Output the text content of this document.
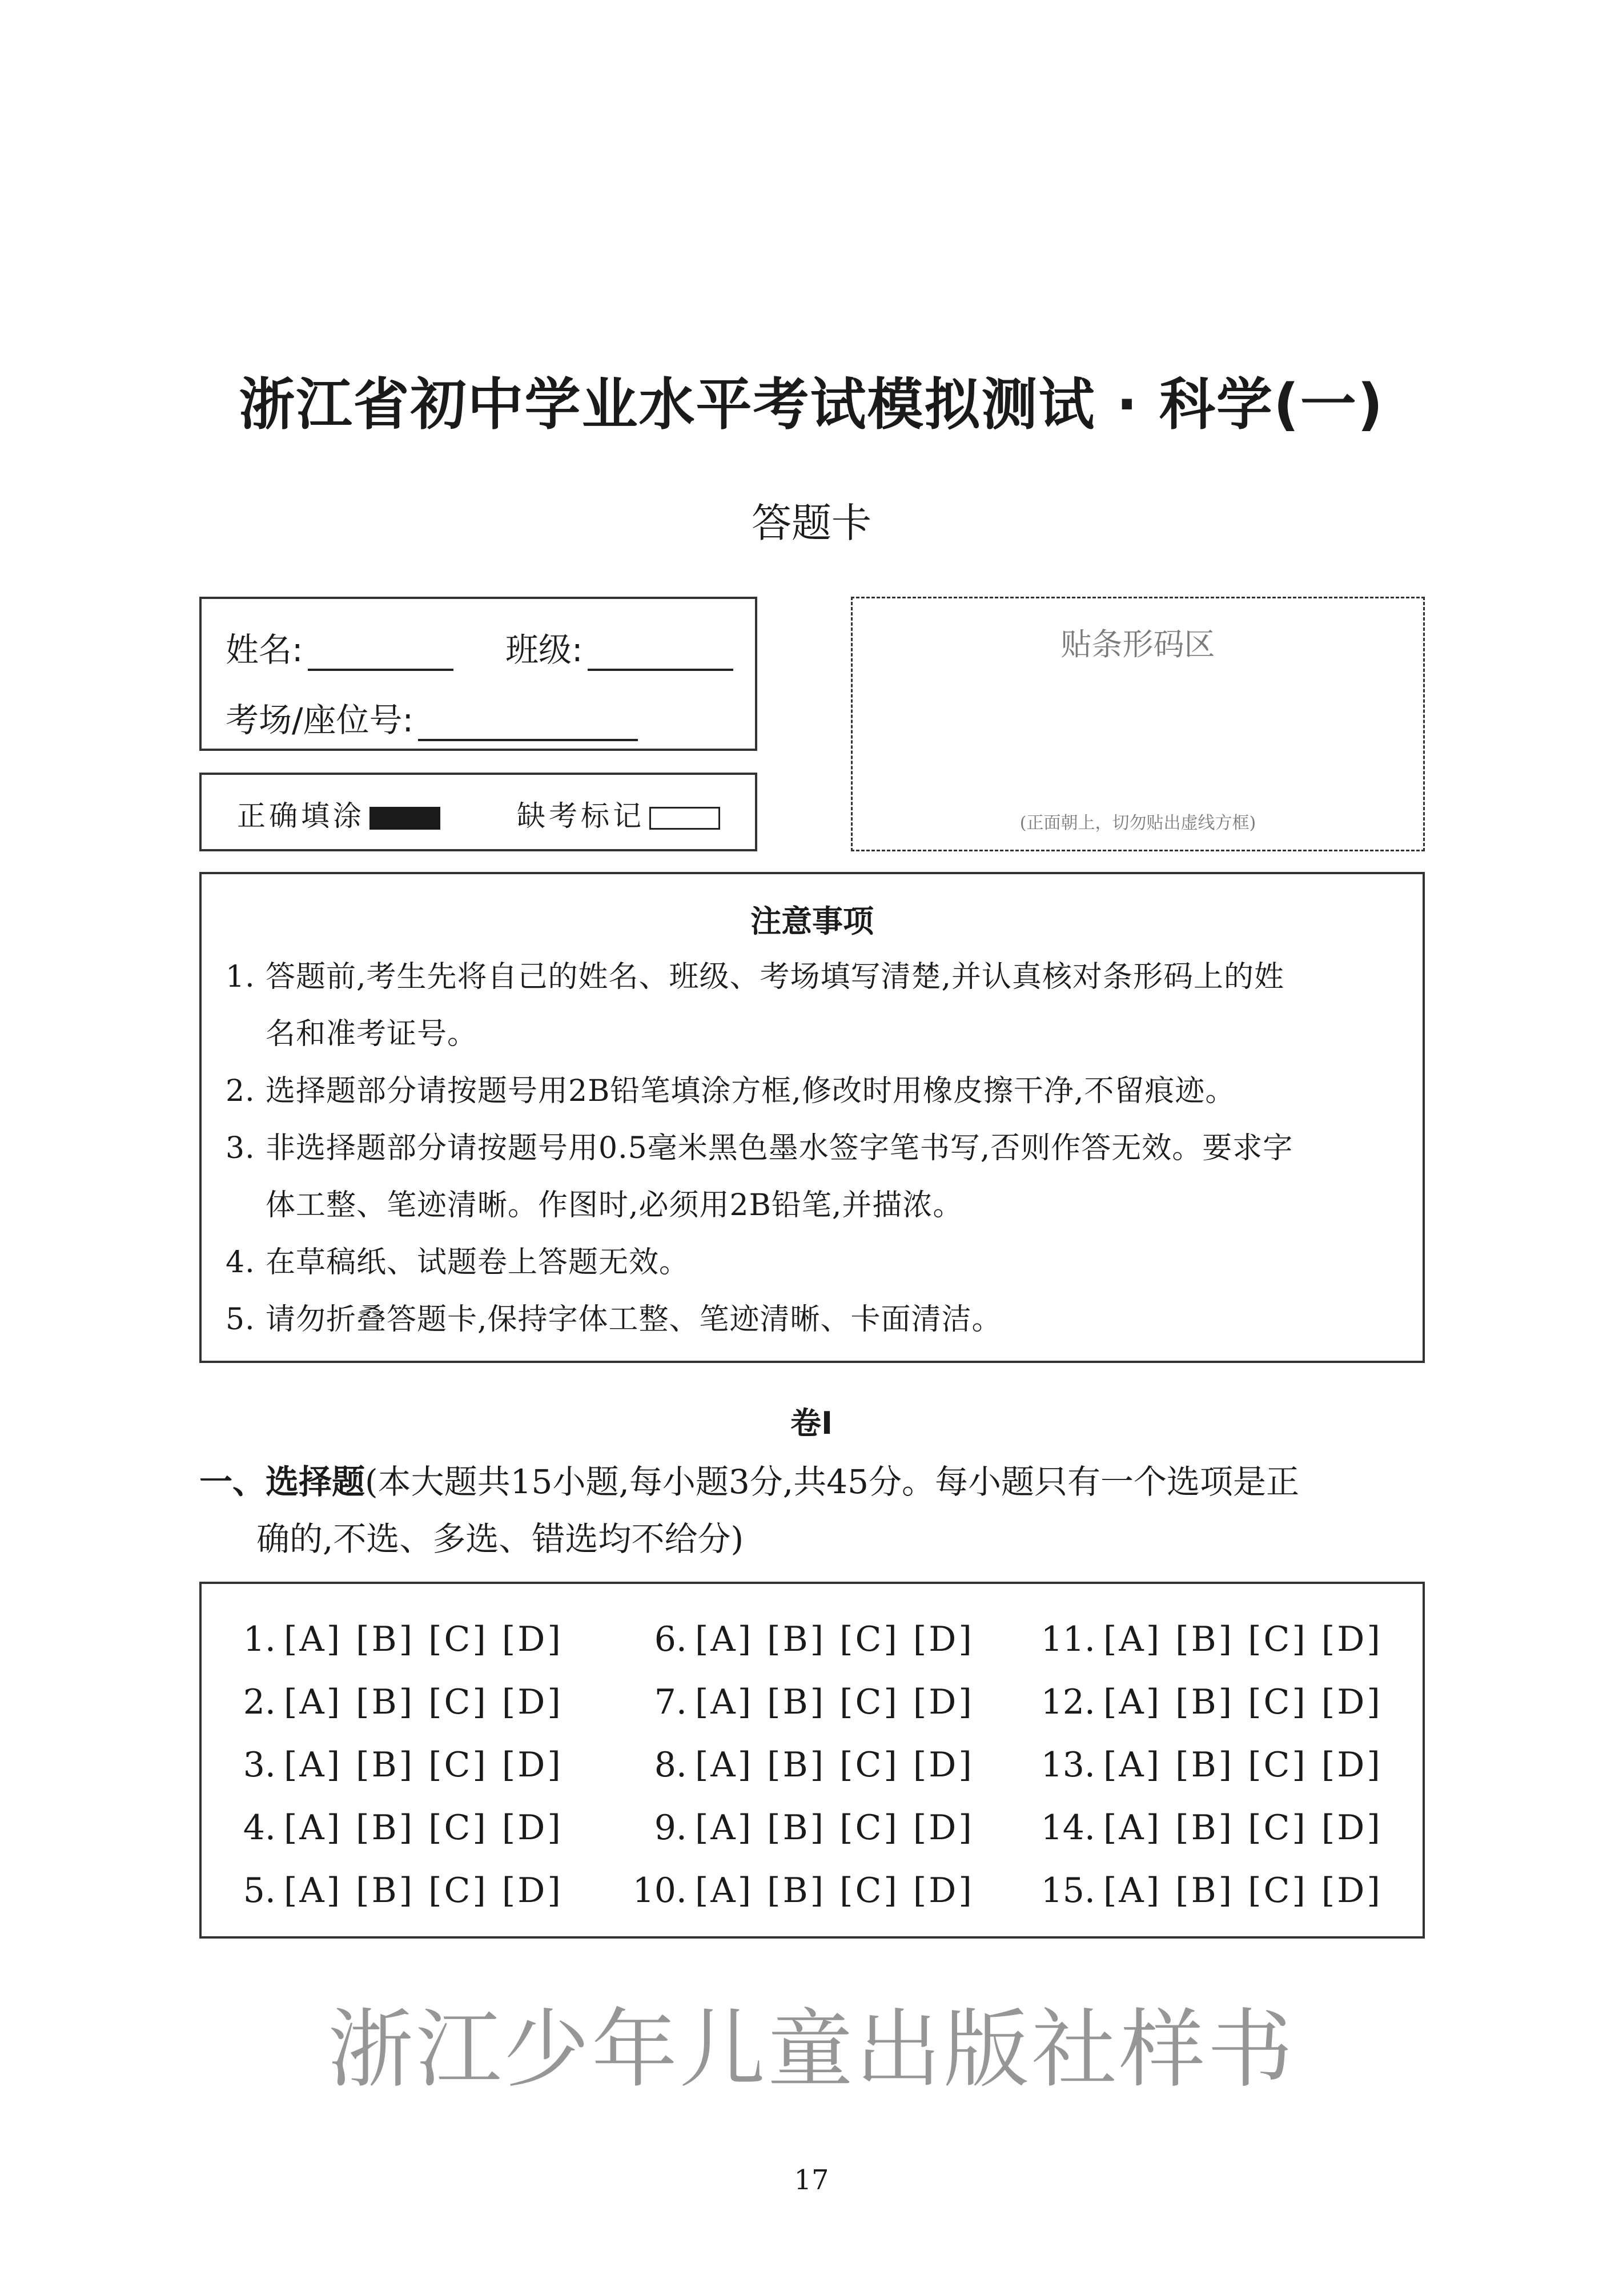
浙江省初中学业水平考试模拟测试 · 科学(一)
答题卡
姓名:	班级:
考场/座位号:
正确填涂	缺考标记
贴条形码区
(正面朝上，切勿贴出虚线方框)
注意事项
1. 答题前,考生先将自己的姓名、班级、考场填写清楚,并认真核对条形码上的姓
名和准考证号。
2. 选择题部分请按题号用2B铅笔填涂方框,修改时用橡皮擦干净,不留痕迹。
3. 非选择题部分请按题号用0.5毫米黑色墨水签字笔书写,否则作答无效。要求字
体工整、笔迹清晰。作图时,必须用2B铅笔,并描浓。
4. 在草稿纸、试题卷上答题无效。
5. 请勿折叠答题卡,保持字体工整、笔迹清晰、卡面清洁。
卷Ⅰ
一、选择题(本大题共15小题,每小题3分,共45分。每小题只有一个选项是正
确的,不选、多选、错选均不给分)
1. [A] [B] [C] [D]
2. [A] [B] [C] [D]
3. [A] [B] [C] [D]
4. [A] [B] [C] [D]
5. [A] [B] [C] [D]
6. [A] [B] [C] [D]
7. [A] [B] [C] [D]
8. [A] [B] [C] [D]
9. [A] [B] [C] [D]
10. [A] [B] [C] [D]
11. [A] [B] [C] [D]
12. [A] [B] [C] [D]
13. [A] [B] [C] [D]
14. [A] [B] [C] [D]
15. [A] [B] [C] [D]
浙江少年儿童出版社样书
17
